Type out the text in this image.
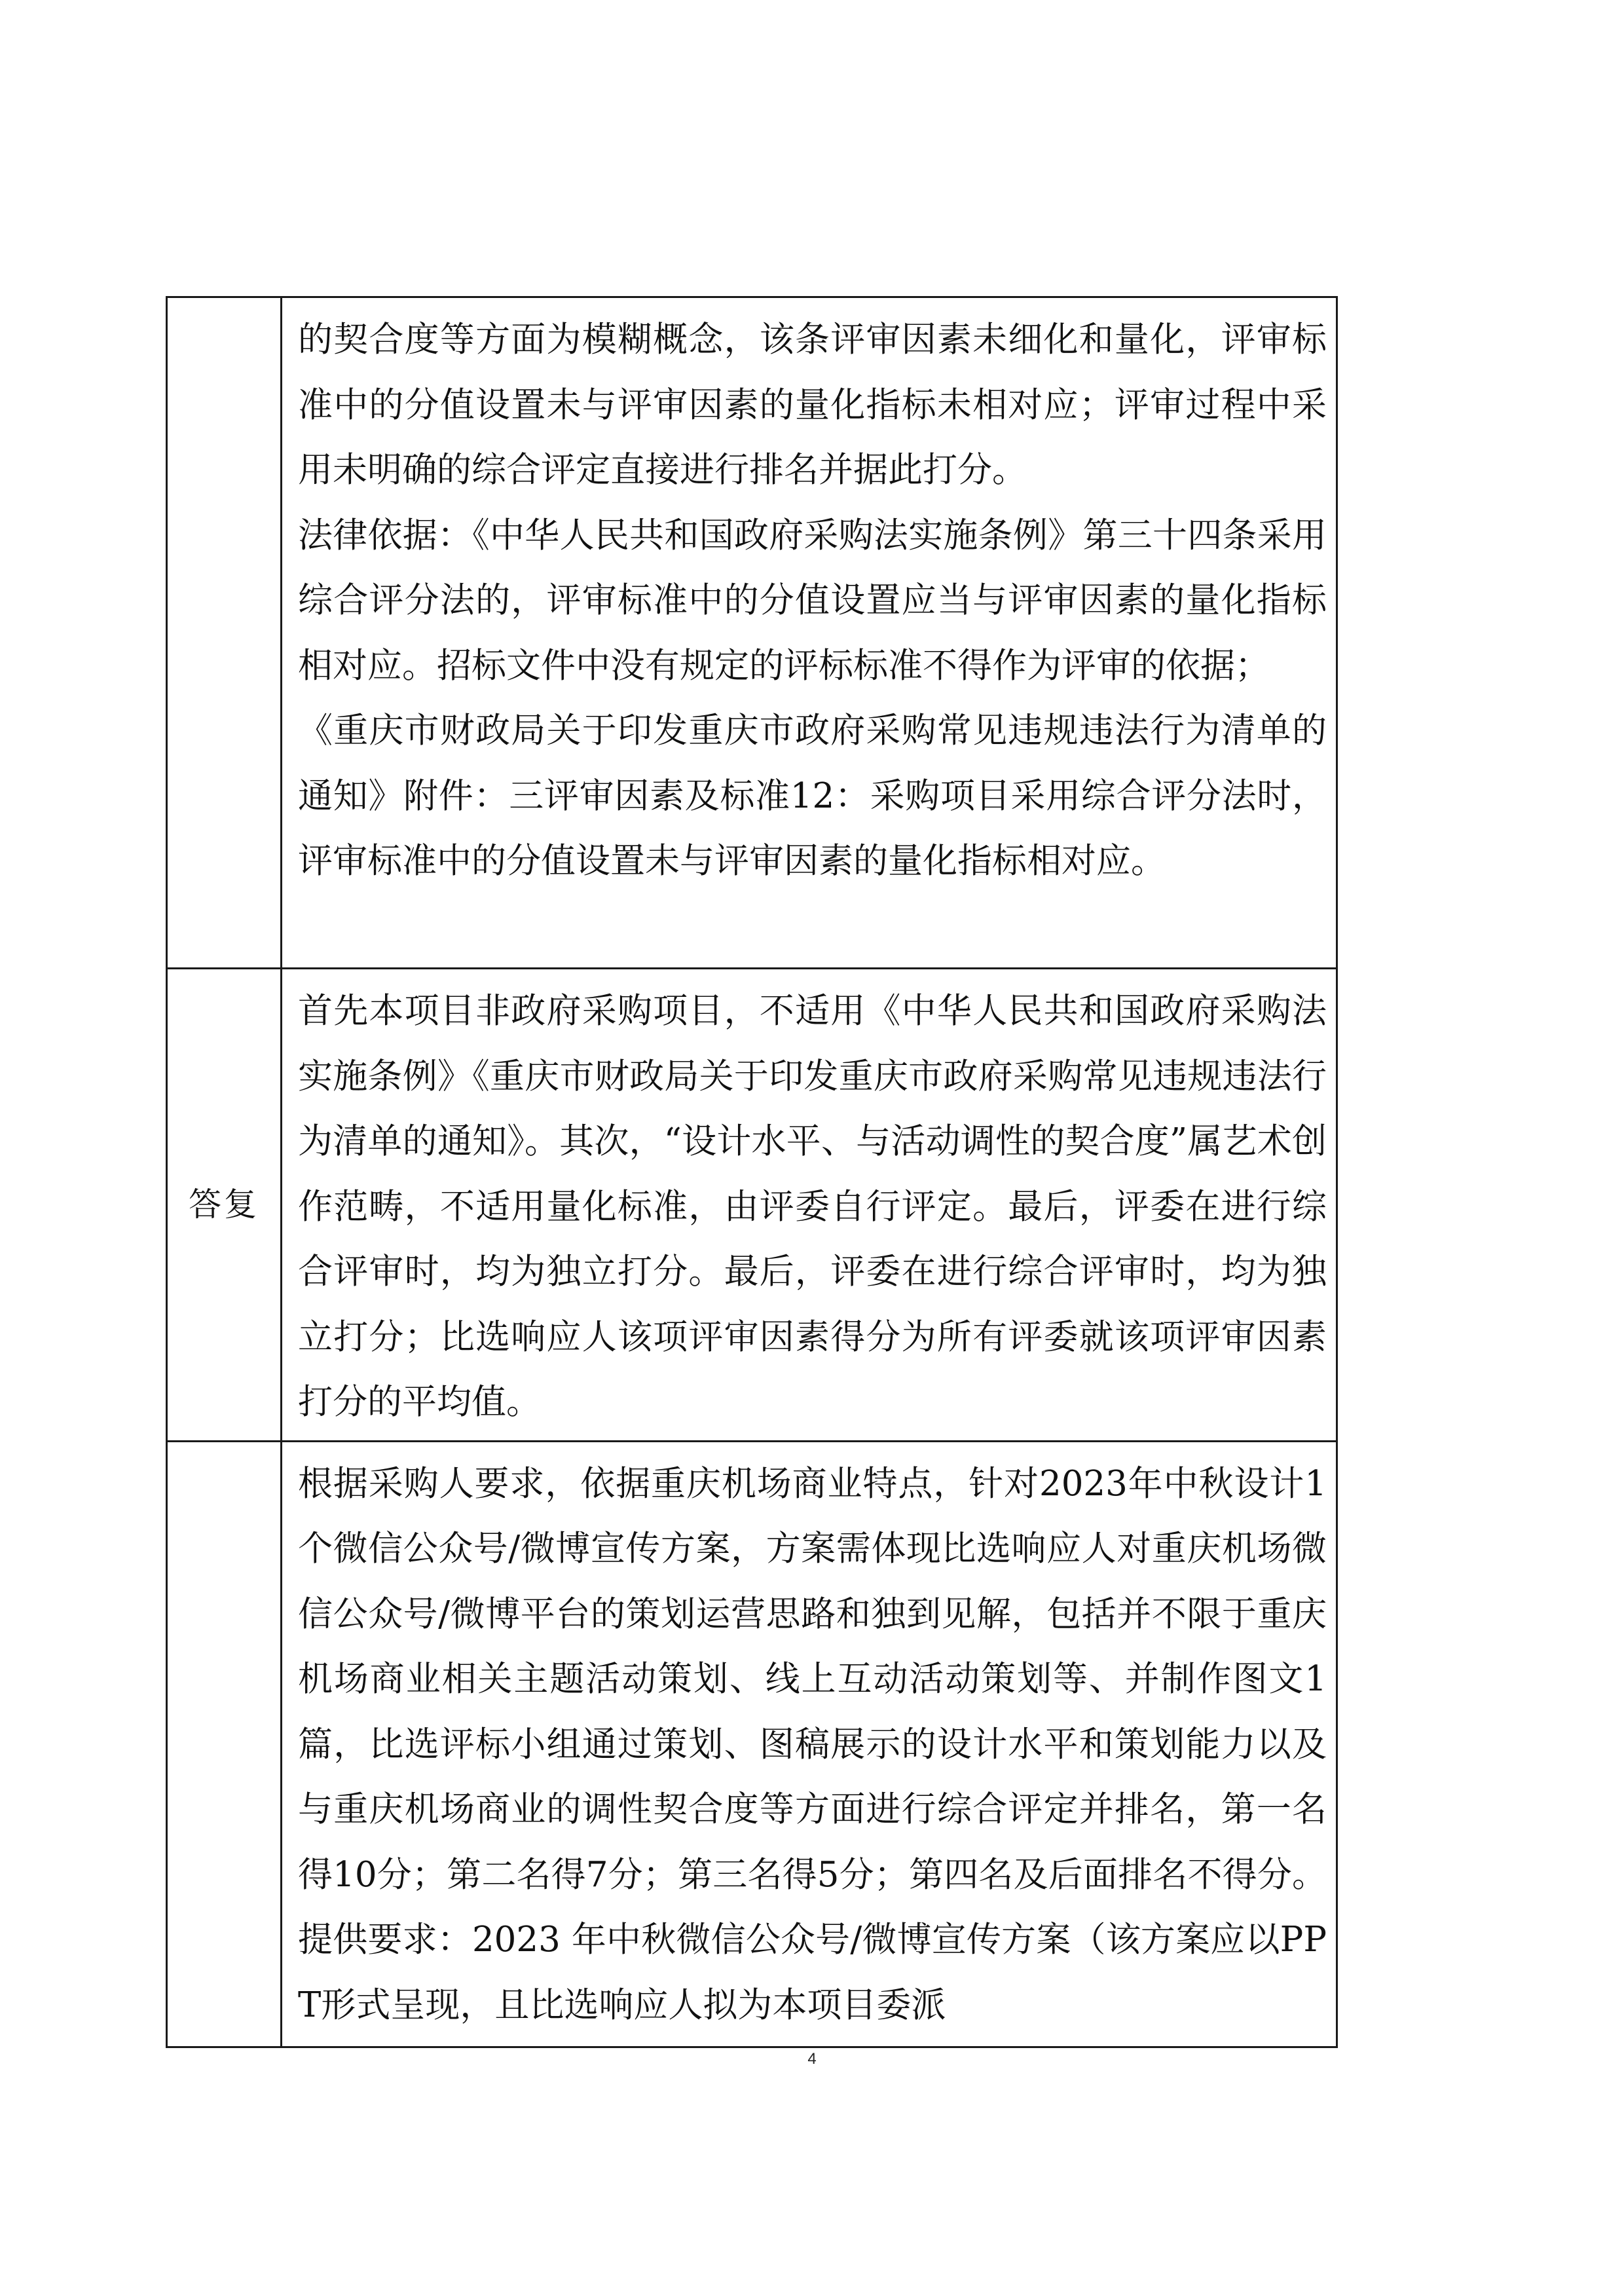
	的契合度等方面为模糊概念，该条评审因素未细化和量化，评审标准中的分值设置未与评审因素的量化指标未相对应；评审过程中采用未明确的综合评定直接进行排名并据此打分。

法律依据：《中华人民共和国政府采购法实施条例》第三十四条采用综合评分法的，评审标准中的分值设置应当与评审因素的量化指标相对应。招标文件中没有规定的评标标准不得作为评审的依据；

《重庆市财政局关于印发重庆市政府采购常见违规违法行为清单的通知》附件：三评审因素及标准12：采购项目采用综合评分法时，评审标准中的分值设置未与评审因素的量化指标相对应。

答复	首先本项目非政府采购项目，不适用《中华人民共和国政府采购法实施条例》《重庆市财政局关于印发重庆市政府采购常见违规违法行为清单的通知》。其次，“设计水平、与活动调性的契合度”属艺术创作范畴，不适用量化标准，由评委自行评定。最后，评委在进行综合评审时，均为独立打分。最后，评委在进行综合评审时，均为独立打分；比选响应人该项评审因素得分为所有评委就该项评审因素打分的平均值。

	根据采购人要求，依据重庆机场商业特点，针对2023年中秋设计1个微信公众号/微博宣传方案，方案需体现比选响应人对重庆机场微信公众号/微博平台的策划运营思路和独到见解，包括并不限于重庆机场商业相关主题活动策划、线上互动活动策划等、并制作图文1篇，比选评标小组通过策划、图稿展示的设计水平和策划能力以及与重庆机场商业的调性契合度等方面进行综合评定并排名，第一名得10分；第二名得7分；第三名得5分；第四名及后面排名不得分。提供要求：2023 年中秋微信公众号/微博宣传方案（该方案应以PPT形式呈现，且比选响应人拟为本项目委派

4
